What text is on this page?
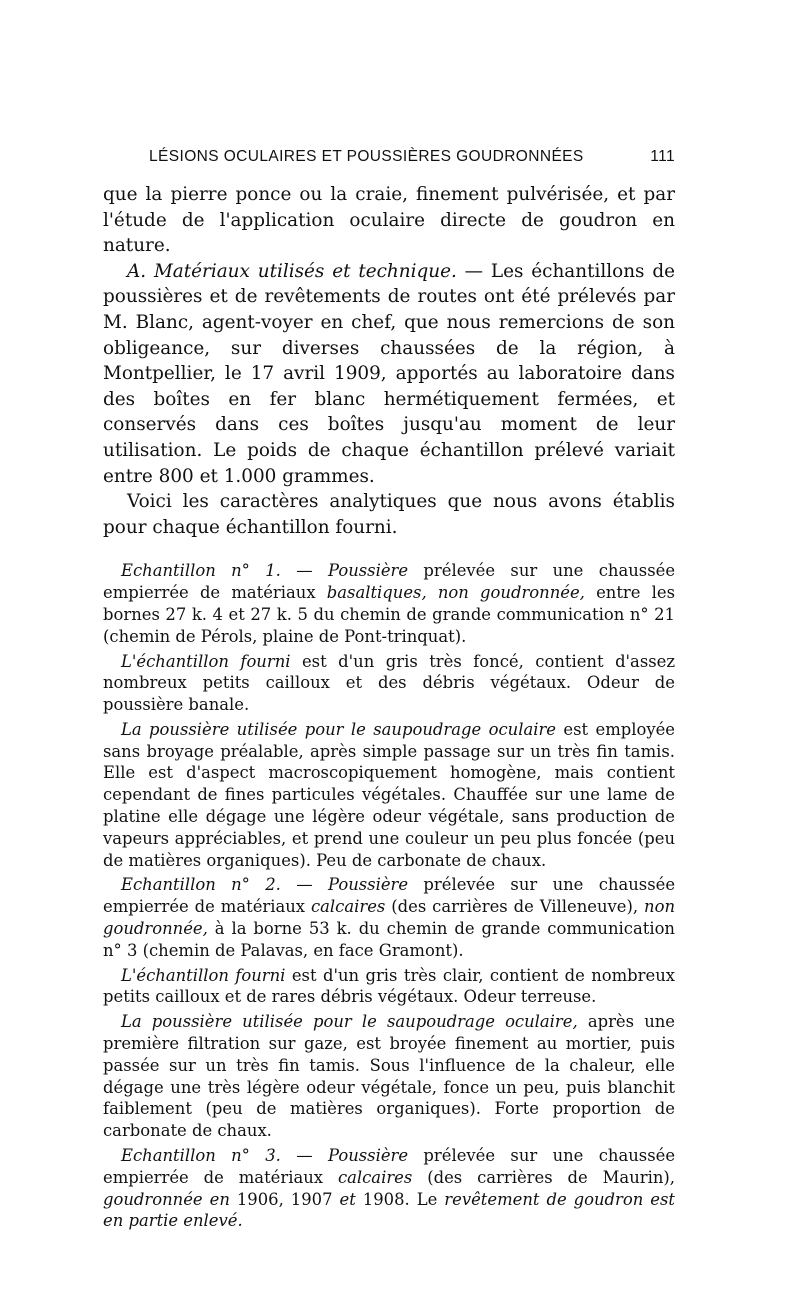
LÉSIONS OCULAIRES ET POUSSIÈRES GOUDRONNÉES	111

que la pierre ponce ou la craie, finement pulvérisée, et par l'étude de l'application oculaire directe de goudron en nature.

A. Matériaux utilisés et technique. — Les échantillons de poussières et de revêtements de routes ont été prélevés par M. Blanc, agent-voyer en chef, que nous remercions de son obligeance, sur diverses chaussées de la région, à Montpellier, le 17 avril 1909, apportés au laboratoire dans des boîtes en fer blanc hermétiquement fermées, et conservés dans ces boîtes jusqu'au moment de leur utilisation. Le poids de chaque échantillon prélevé variait entre 800 et 1.000 grammes.

Voici les caractères analytiques que nous avons établis pour chaque échantillon fourni.

Echantillon n° 1. — Poussière prélevée sur une chaussée empierrée de matériaux basaltiques, non goudronnée, entre les bornes 27 k. 4 et 27 k. 5 du chemin de grande communication n° 21 (chemin de Pérols, plaine de Pont-trinquat).

L'échantillon fourni est d'un gris très foncé, contient d'assez nombreux petits cailloux et des débris végétaux. Odeur de poussière banale.

La poussière utilisée pour le saupoudrage oculaire est employée sans broyage préalable, après simple passage sur un très fin tamis. Elle est d'aspect macroscopiquement homogène, mais contient cependant de fines particules végétales. Chauffée sur une lame de platine elle dégage une légère odeur végétale, sans production de vapeurs appréciables, et prend une couleur un peu plus foncée (peu de matières organiques). Peu de carbonate de chaux.

Echantillon n° 2. — Poussière prélevée sur une chaussée empierrée de matériaux calcaires (des carrières de Villeneuve), non goudronnée, à la borne 53 k. du chemin de grande communication n° 3 (chemin de Palavas, en face Gramont).

L'échantillon fourni est d'un gris très clair, contient de nombreux petits cailloux et de rares débris végétaux. Odeur terreuse.

La poussière utilisée pour le saupoudrage oculaire, après une première filtration sur gaze, est broyée finement au mortier, puis passée sur un très fin tamis. Sous l'influence de la chaleur, elle dégage une très légère odeur végétale, fonce un peu, puis blanchit faiblement (peu de matières organiques). Forte proportion de carbonate de chaux.

Echantillon n° 3. — Poussière prélevée sur une chaussée empierrée de matériaux calcaires (des carrières de Maurin), goudronnée en 1906, 1907 et 1908. Le revêtement de goudron est en partie enlevé.
